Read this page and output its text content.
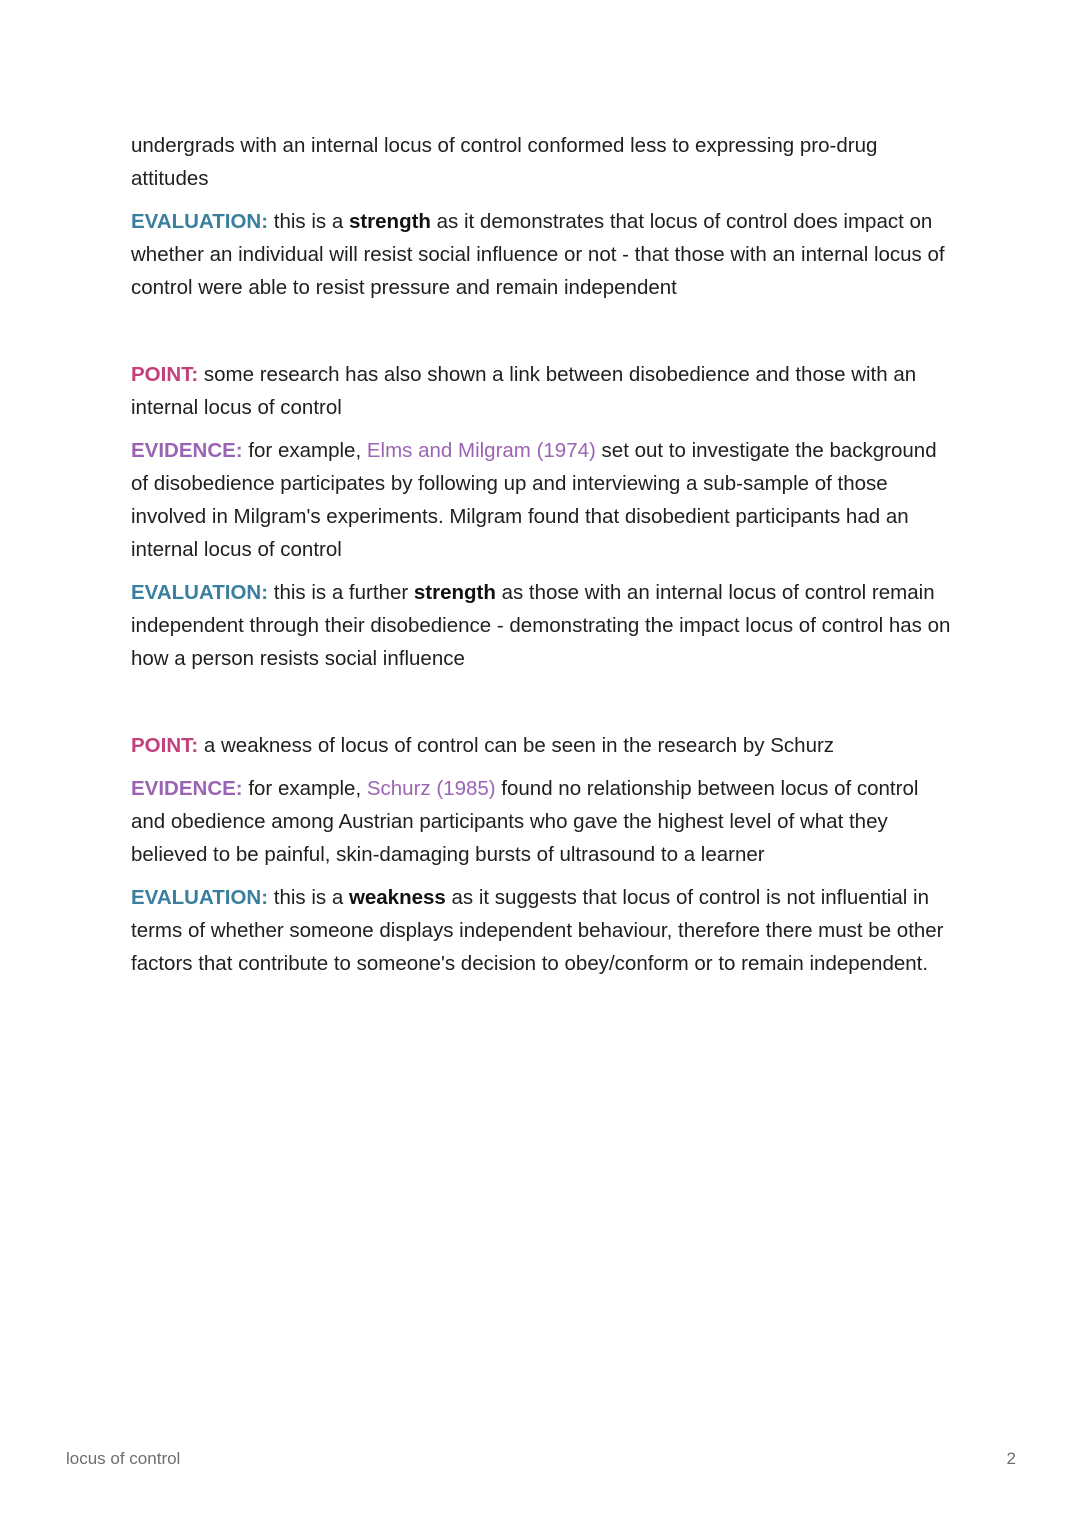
undergrads with an internal locus of control conformed less to expressing pro-drug attitudes

EVALUATION: this is a strength as it demonstrates that locus of control does impact on whether an individual will resist social influence or not - that those with an internal locus of control were able to resist pressure and remain independent

POINT: some research has also shown a link between disobedience and those with an internal locus of control

EVIDENCE: for example, Elms and Milgram (1974) set out to investigate the background of disobedience participates by following up and interviewing a sub-sample of those involved in Milgram's experiments. Milgram found that disobedient participants had an internal locus of control

EVALUATION: this is a further strength as those with an internal locus of control remain independent through their disobedience - demonstrating the impact locus of control has on how a person resists social influence

POINT: a weakness of locus of control can be seen in the research by Schurz

EVIDENCE: for example, Schurz (1985) found no relationship between locus of control and obedience among Austrian participants who gave the highest level of what they believed to be painful, skin-damaging bursts of ultrasound to a learner

EVALUATION: this is a weakness as it suggests that locus of control is not influential in terms of whether someone displays independent behaviour, therefore there must be other factors that contribute to someone's decision to obey/conform or to remain independent.

locus of control	2
